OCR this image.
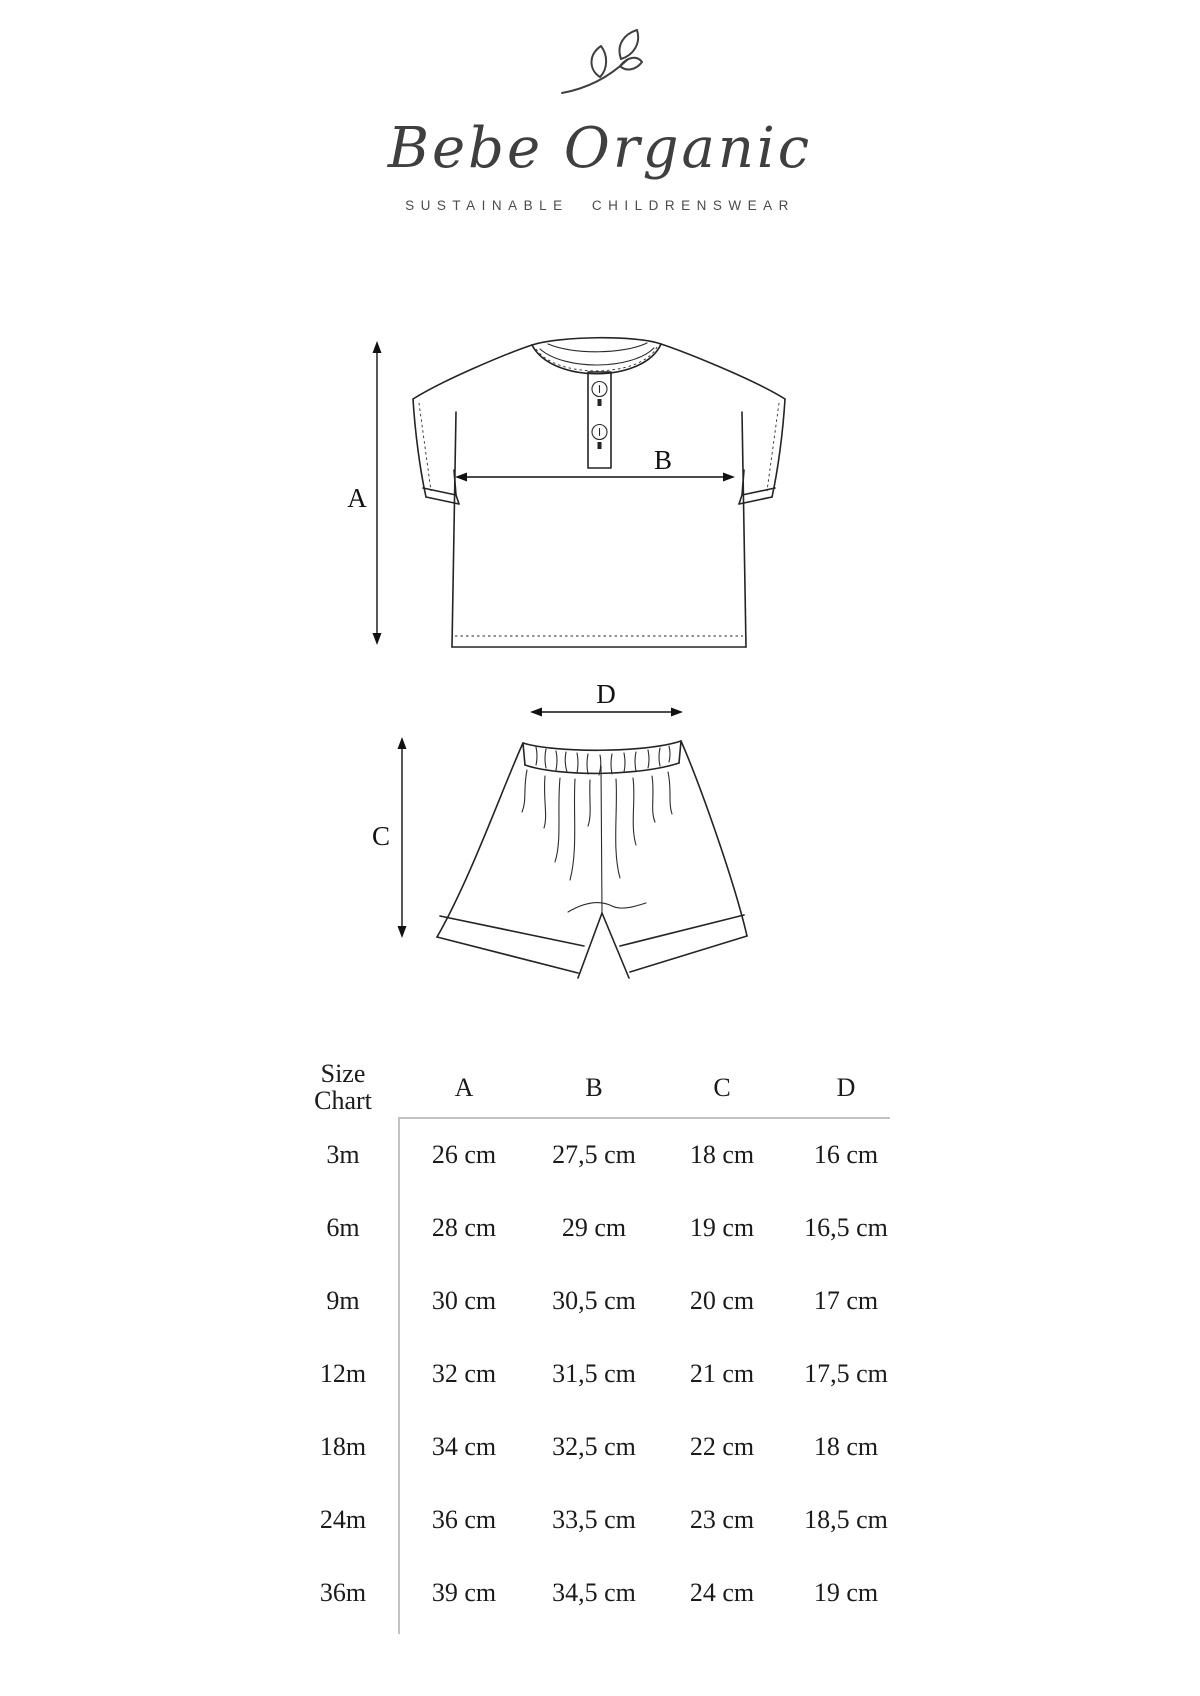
Bebe Organic
SUSTAINABLE CHILDRENSWEAR
A
B
D
C
Size
Chart	A	B	C	D
3m	26 cm	27,5 cm	18 cm	16 cm
6m	28 cm	29 cm	19 cm	16,5 cm
9m	30 cm	30,5 cm	20 cm	17 cm
12m	32 cm	31,5 cm	21 cm	17,5 cm
18m	34 cm	32,5 cm	22 cm	18 cm
24m	36 cm	33,5 cm	23 cm	18,5 cm
36m	39 cm	34,5 cm	24 cm	19 cm
